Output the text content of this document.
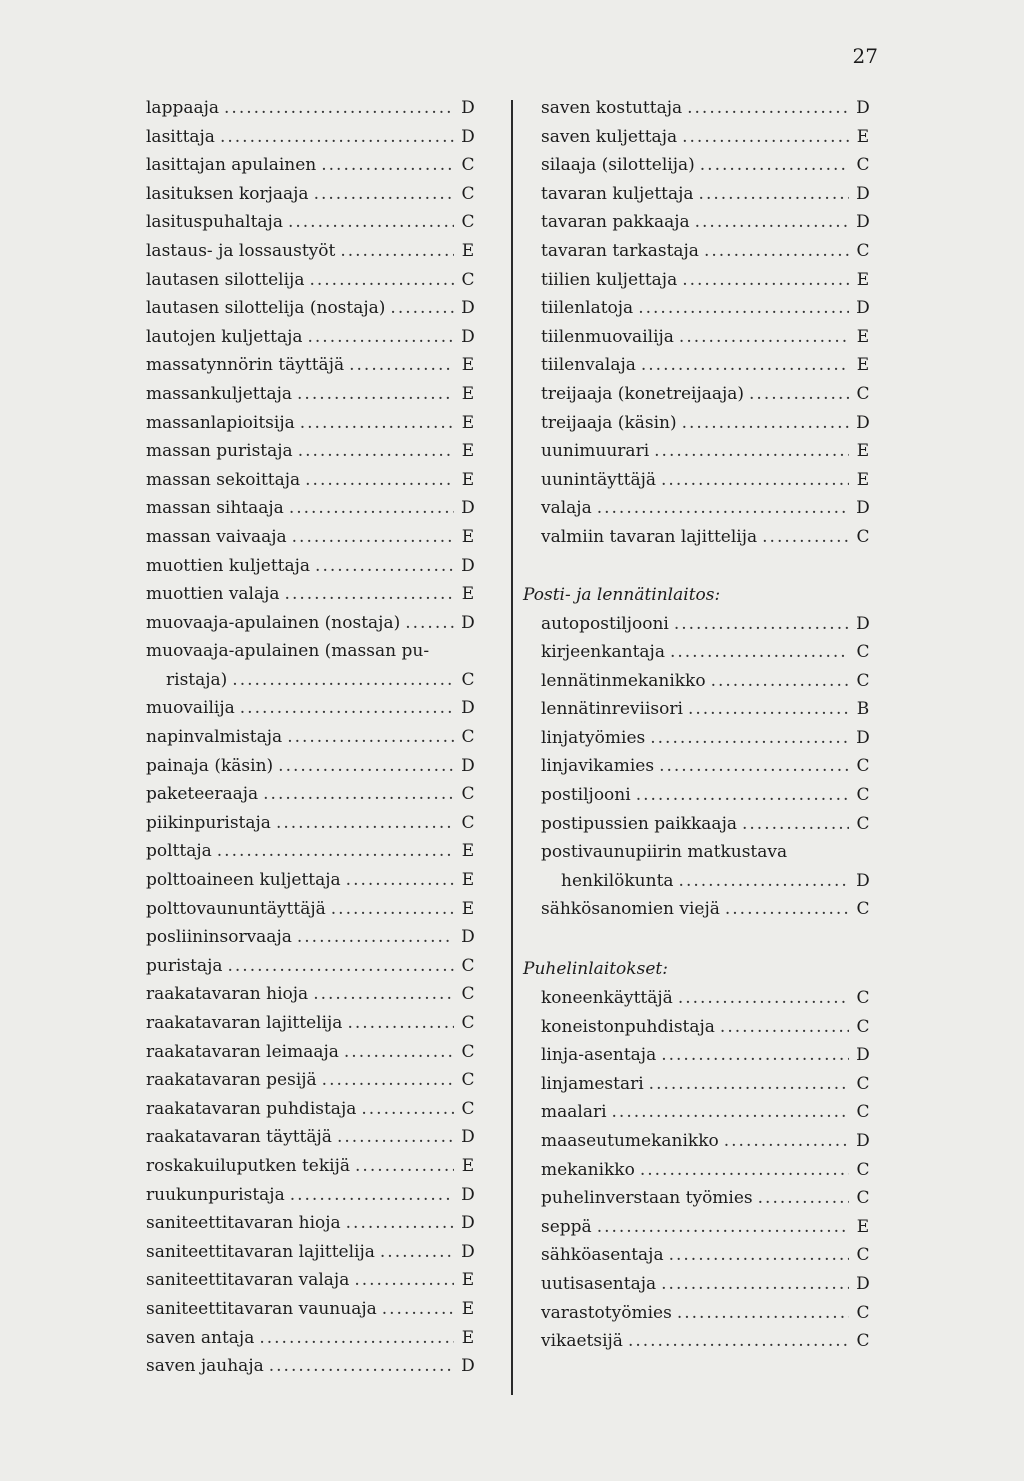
27
lappaaja .....	D
lasittaja .....	D
lasittajan apulainen .....	C
lasituksen korjaaja .....	C
lasituspuhaltaja .....	C
lastaus- ja lossaustyöt .....	E
lautasen silottelija .....	C
lautasen silottelija (nostaja) .....	D
lautojen kuljettaja .....	D
massatynnörin täyttäjä .....	E
massankuljettaja .....	E
massanlapioitsija .....	E
massan puristaja .....	E
massan sekoittaja .....	E
massan sihtaaja .....	D
massan vaivaaja .....	E
muottien kuljettaja .....	D
muottien valaja .....	E
muovaaja-apulainen (nostaja) .....	D
muovaaja-apulainen (massan pu-
ristaja) .....	C
muovailija .....	D
napinvalmistaja .....	C
painaja (käsin) .....	D
paketeeraaja .....	C
piikinpuristaja .....	C
polttaja .....	E
polttoaineen kuljettaja .....	E
polttovaununtäyttäjä .....	E
posliininsorvaaja .....	D
puristaja .....	C
raakatavaran hioja .....	C
raakatavaran lajittelija .....	C
raakatavaran leimaaja .....	C
raakatavaran pesijä .....	C
raakatavaran puhdistaja .....	C
raakatavaran täyttäjä .....	D
roskakuiluputken tekijä .....	E
ruukunpuristaja .....	D
saniteettitavaran hioja .....	D
saniteettitavaran lajittelija .....	D
saniteettitavaran valaja .....	E
saniteettitavaran vaunuaja .....	E
saven antaja .....	E
saven jauhaja .....	D
saven kostuttaja .....	D
saven kuljettaja .....	E
silaaja (silottelija) .....	C
tavaran kuljettaja .....	D
tavaran pakkaaja .....	D
tavaran tarkastaja .....	C
tiilien kuljettaja .....	E
tiilenlatoja .....	D
tiilenmuovailija .....	E
tiilenvalaja .....	E
treijaaja (konetreijaaja) .....	C
treijaaja (käsin) .....	D
uunimuurari .....	E
uunintäyttäjä .....	E
valaja .....	D
valmiin tavaran lajittelija .....	C
Posti- ja lennätinlaitos:
autopostiljooni .....	D
kirjeenkantaja .....	C
lennätinmekanikko .....	C
lennätinreviisori .....	B
linjatyömies .....	D
linjavikamies .....	C
postiljooni .....	C
postipussien paikkaaja .....	C
postivaunupiirin matkustava
henkilökunta .....	D
sähkösanomien viejä .....	C
Puhelinlaitokset:
koneenkäyttäjä .....	C
koneistonpuhdistaja .....	C
linja-asentaja .....	D
linjamestari .....	C
maalari .....	C
maaseutumekanikko .....	D
mekanikko .....	C
puhelinverstaan työmies .....	C
seppä .....	E
sähköasentaja .....	C
uutisasentaja .....	D
varastotyömies .....	C
vikaetsijä .....	C
